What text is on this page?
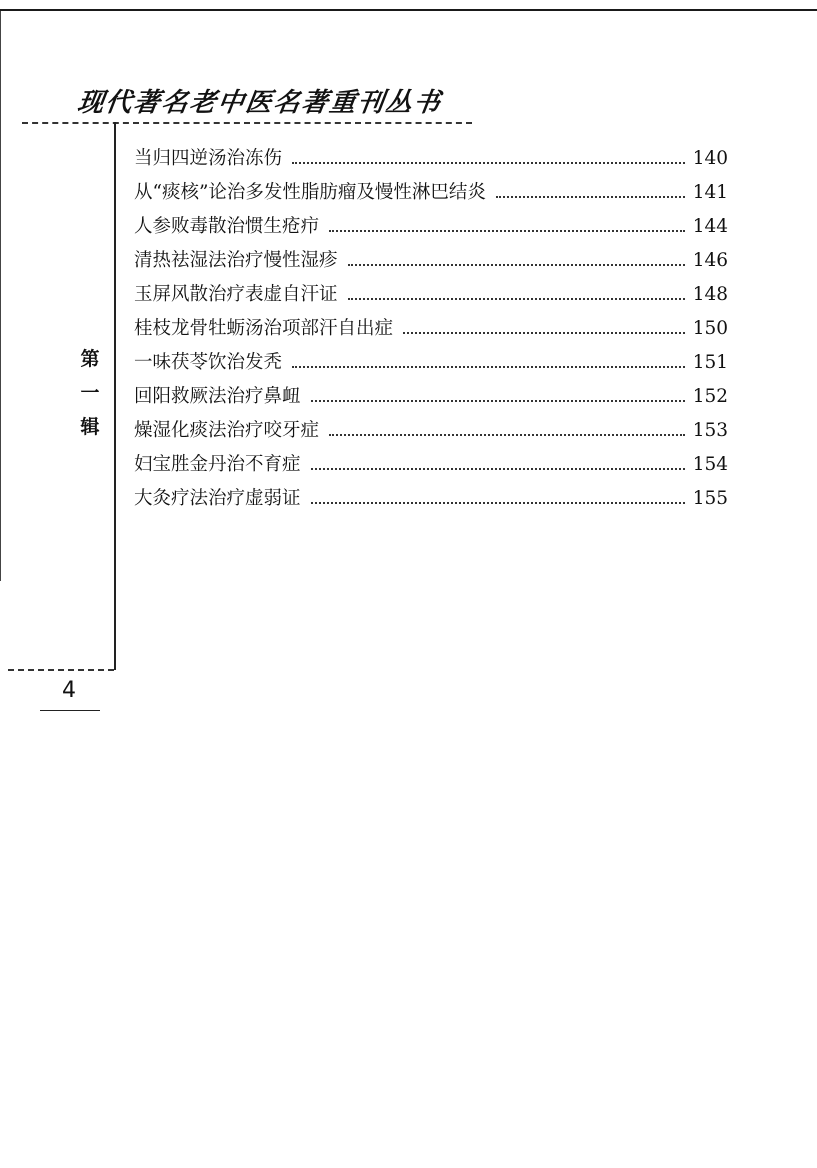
现代著名老中医名著重刊丛书
第
一
辑
当归四逆汤治冻伤	140
从“痰核”论治多发性脂肪瘤及慢性淋巴结炎	141
人参败毒散治惯生疮疖	144
清热祛湿法治疗慢性湿疹	146
玉屏风散治疗表虚自汗证	148
桂枝龙骨牡蛎汤治项部汗自出症	150
一味茯苓饮治发秃	151
回阳救厥法治疗鼻衄	152
燥湿化痰法治疗咬牙症	153
妇宝胜金丹治不育症	154
大灸疗法治疗虚弱证	155
4
